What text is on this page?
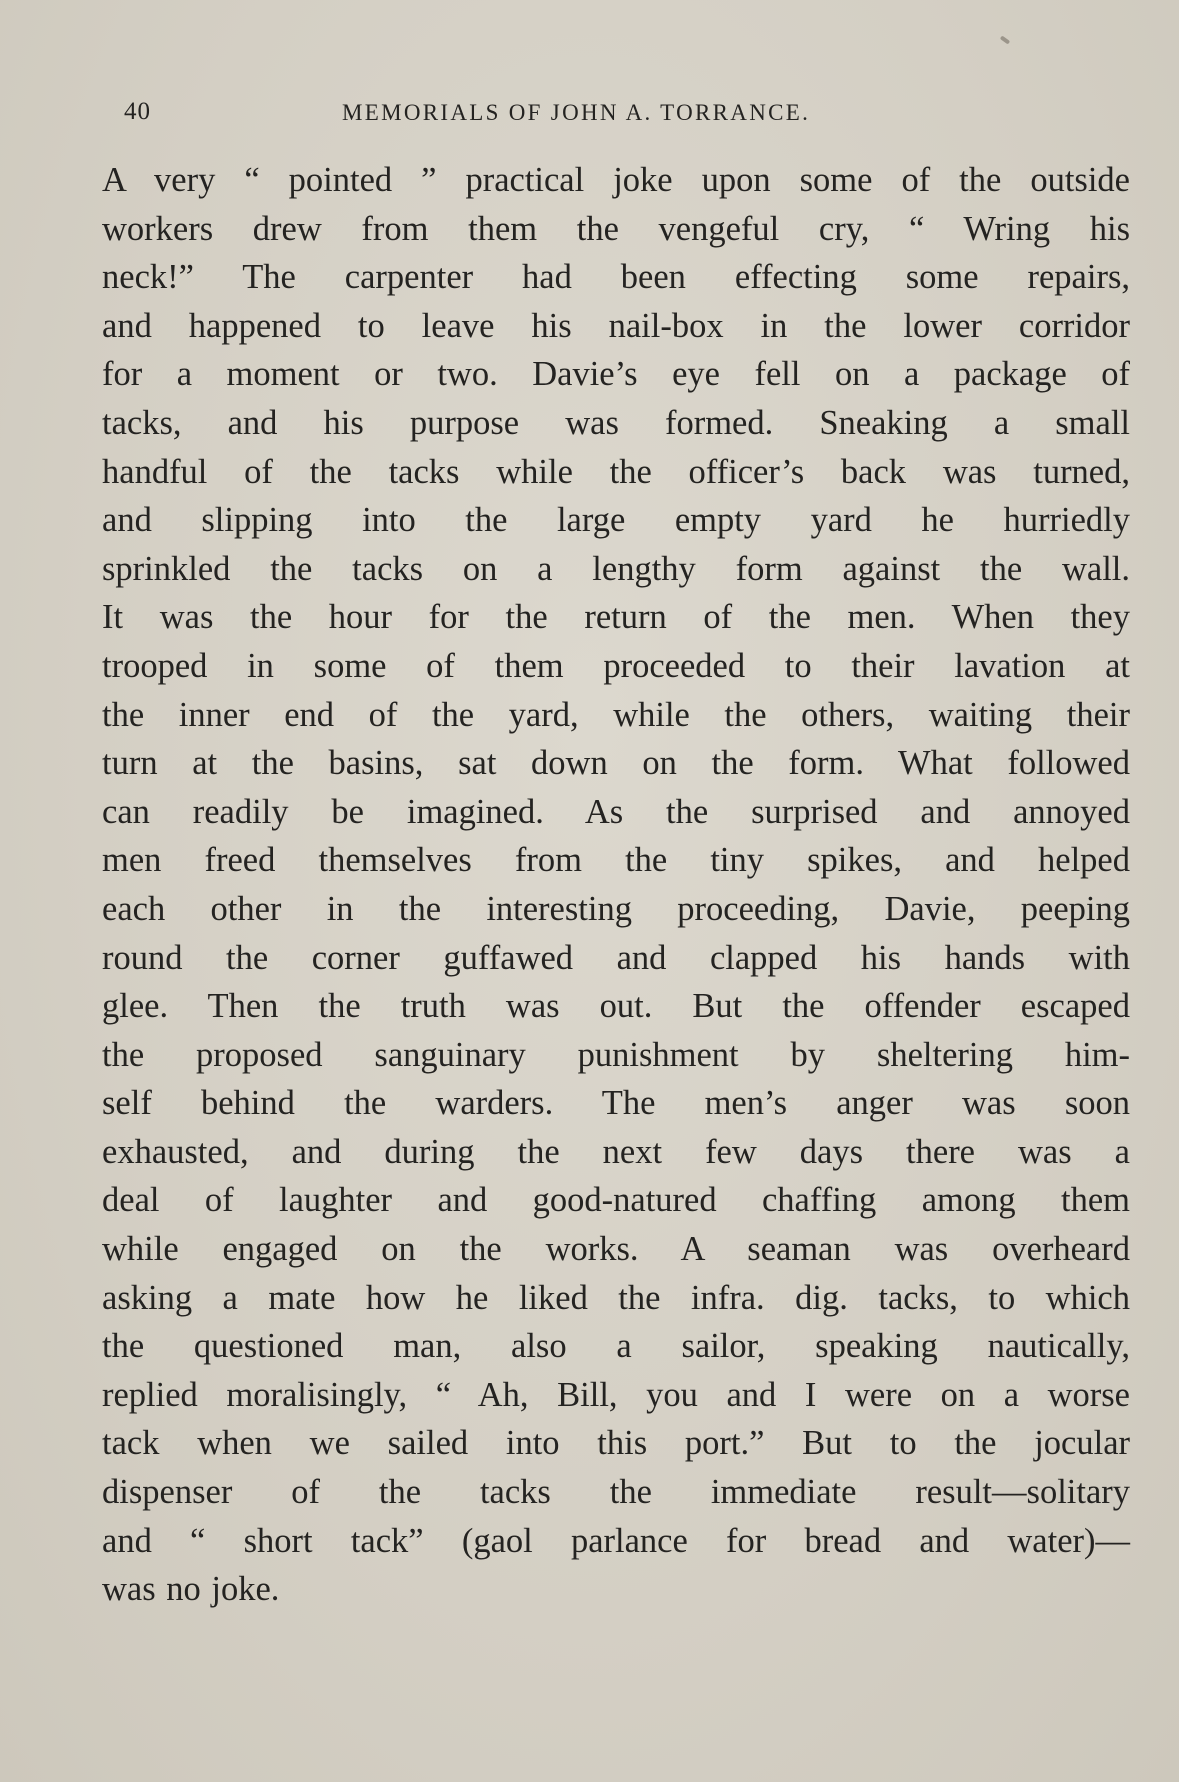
40	MEMORIALS OF JOHN A. TORRANCE.
A very “ pointed ” practical joke upon some of the outside
workers drew from them the vengeful cry, “ Wring his
neck!” The carpenter had been effecting some repairs,
and happened to leave his nail-box in the lower corridor
for a moment or two. Davie’s eye fell on a package of
tacks, and his purpose was formed. Sneaking a small
handful of the tacks while the officer’s back was turned,
and slipping into the large empty yard he hurriedly
sprinkled the tacks on a lengthy form against the wall.
It was the hour for the return of the men. When they
trooped in some of them proceeded to their lavation at
the inner end of the yard, while the others, waiting their
turn at the basins, sat down on the form. What followed
can readily be imagined. As the surprised and annoyed
men freed themselves from the tiny spikes, and helped
each other in the interesting proceeding, Davie, peeping
round the corner guffawed and clapped his hands with
glee. Then the truth was out. But the offender escaped
the proposed sanguinary punishment by sheltering him-
self behind the warders. The men’s anger was soon
exhausted, and during the next few days there was a
deal of laughter and good-natured chaffing among them
while engaged on the works. A seaman was overheard
asking a mate how he liked the infra. dig. tacks, to which
the questioned man, also a sailor, speaking nautically,
replied moralisingly, “ Ah, Bill, you and I were on a worse
tack when we sailed into this port.” But to the jocular
dispenser of the tacks the immediate result—solitary
and “ short tack” (gaol parlance for bread and water)—
was no joke.
